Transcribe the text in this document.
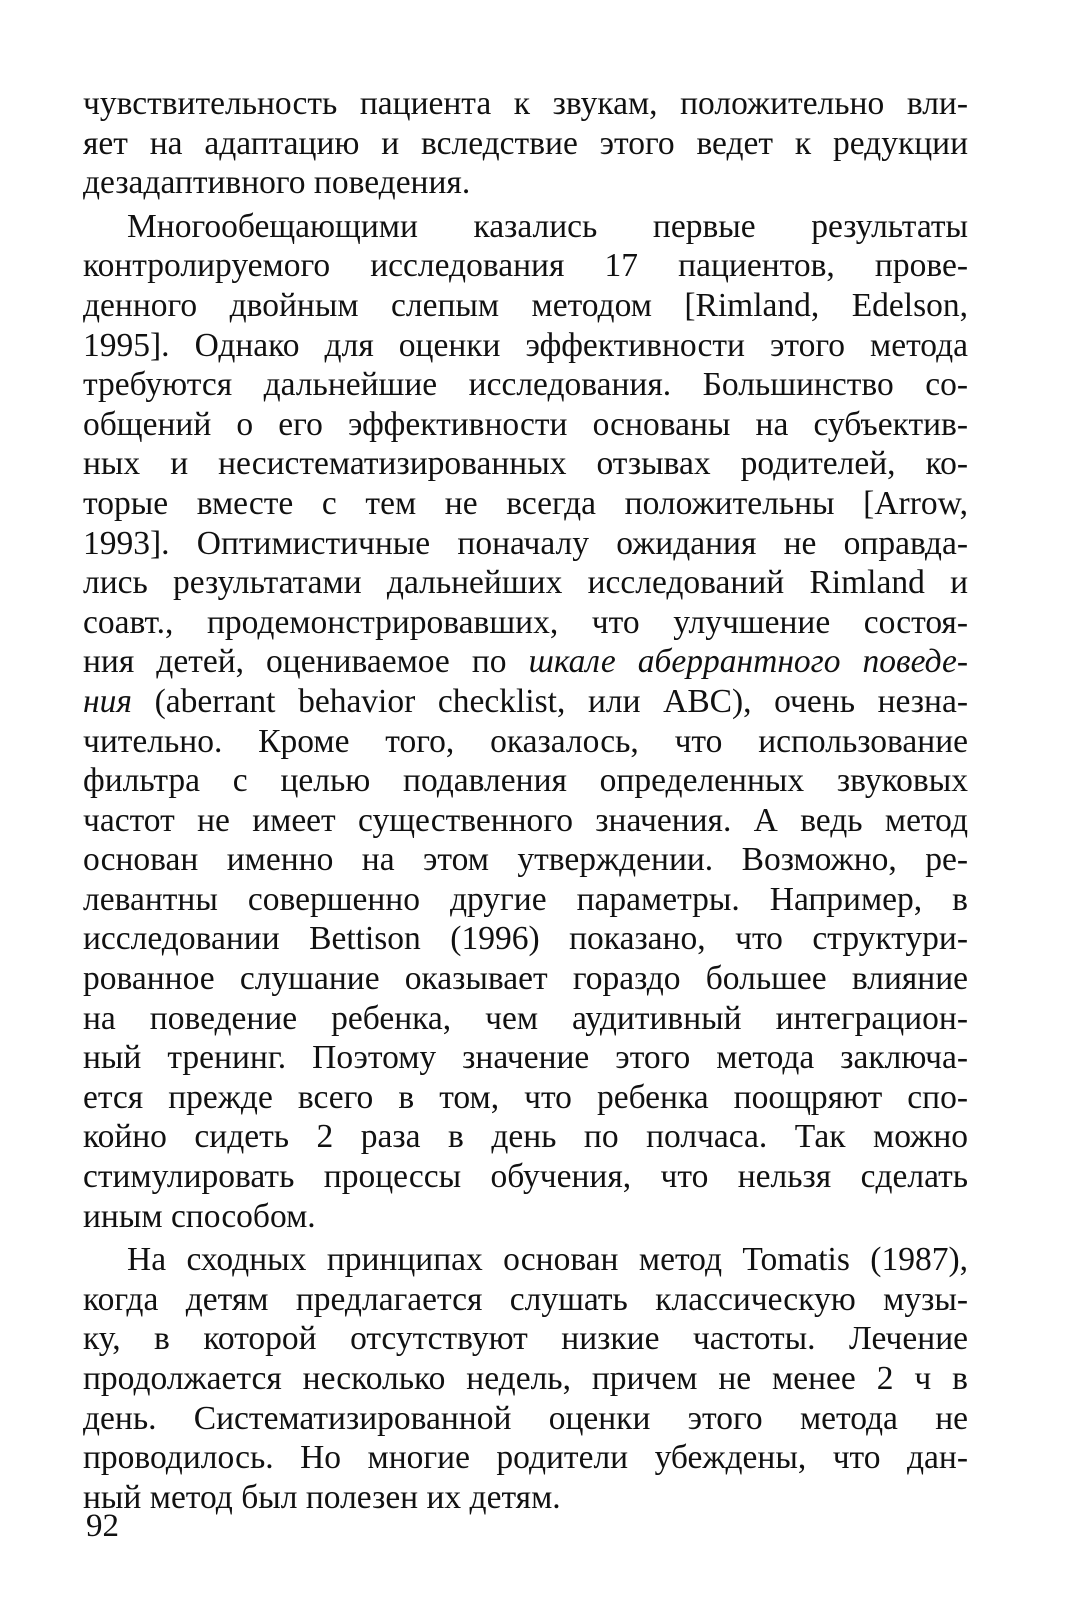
чувствительность пациента к звукам, положительно вли-
яет на адаптацию и вследствие этого ведет к редукции
дезадаптивного поведения.
Многообещающими казались первые результаты
контролируемого исследования 17 пациентов, прове-
денного двойным слепым методом [Rimland, Edelson,
1995]. Однако для оценки эффективности этого метода
требуются дальнейшие исследования. Большинство со-
общений о его эффективности основаны на субъектив-
ных и несистематизированных отзывах родителей, ко-
торые вместе с тем не всегда положительны [Arrow,
1993]. Оптимистичные поначалу ожидания не оправда-
лись результатами дальнейших исследований Rimland и
соавт., продемонстрировавших, что улучшение состоя-
ния детей, оцениваемое по шкале аберрантного поведе-
ния (aberrant behavior checklist, или ABC), очень незна-
чительно. Кроме того, оказалось, что использование
фильтра с целью подавления определенных звуковых
частот не имеет существенного значения. А ведь метод
основан именно на этом утверждении. Возможно, ре-
левантны совершенно другие параметры. Например, в
исследовании Bettison (1996) показано, что структури-
рованное слушание оказывает гораздо большее влияние
на поведение ребенка, чем аудитивный интеграцион-
ный тренинг. Поэтому значение этого метода заключа-
ется прежде всего в том, что ребенка поощряют спо-
койно сидеть 2 раза в день по полчаса. Так можно
стимулировать процессы обучения, что нельзя сделать
иным способом.
На сходных принципах основан метод Tomatis (1987),
когда детям предлагается слушать классическую музы-
ку, в которой отсутствуют низкие частоты. Лечение
продолжается несколько недель, причем не менее 2 ч в
день. Систематизированной оценки этого метода не
проводилось. Но многие родители убеждены, что дан-
ный метод был полезен их детям.
92
